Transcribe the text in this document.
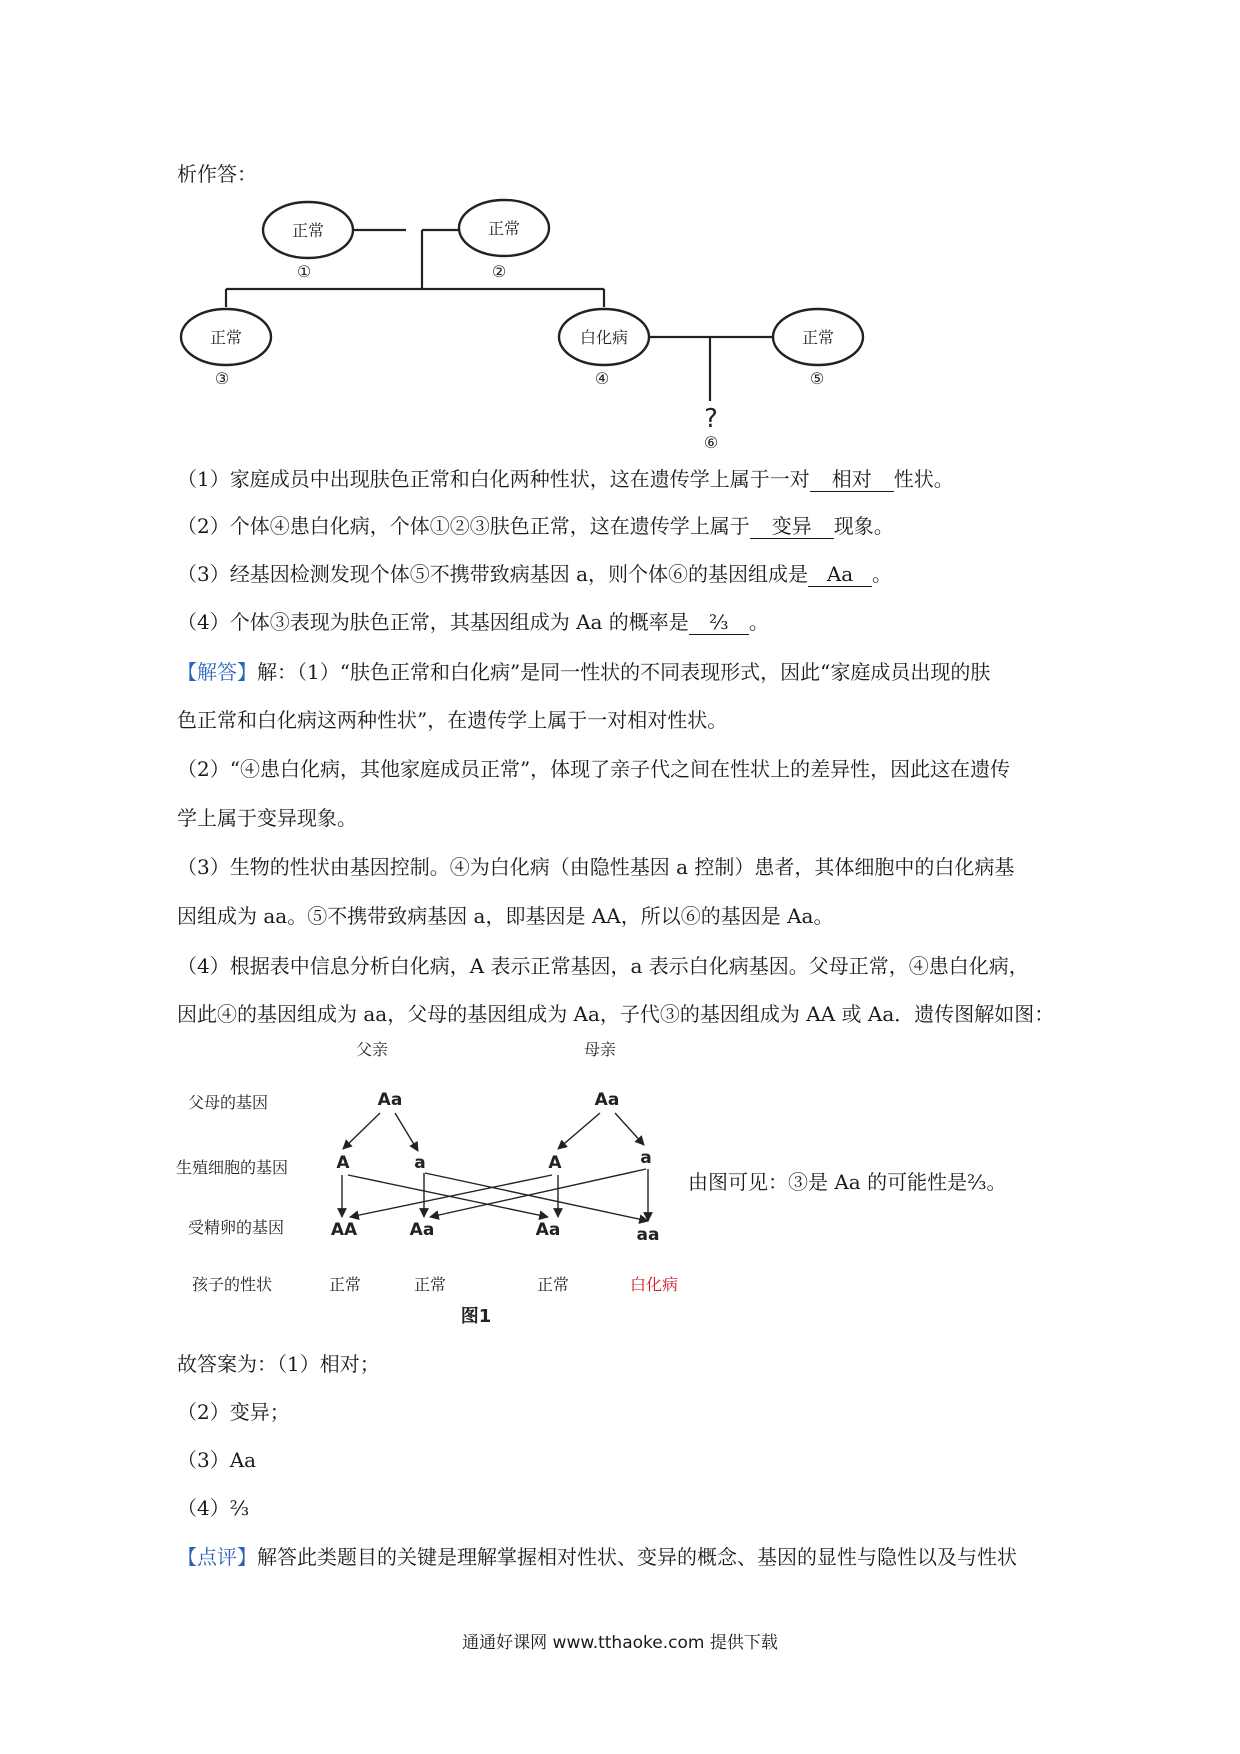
析作答：
正常	正常
正常	白化病	正常
①	②
③	④	⑤
?
⑥
（1）家庭成员中出现肤色正常和白化两种性状，这在遗传学上属于一对 相对 性状。
（2）个体④患白化病，个体①②③肤色正常，这在遗传学上属于 变异 现象。
（3）经基因检测发现个体⑤不携带致病基因 a，则个体⑥的基因组成是 Aa 。
（4）个体③表现为肤色正常，其基因组成为 Aa 的概率是 ⅔ 。
【解答】解：（1）“肤色正常和白化病”是同一性状的不同表现形式，因此“家庭成员出现的肤
色正常和白化病这两种性状”，在遗传学上属于一对相对性状。
（2）“④患白化病，其他家庭成员正常”，体现了亲子代之间在性状上的差异性，因此这在遗传
学上属于变异现象。
（3）生物的性状由基因控制。④为白化病（由隐性基因 a 控制）患者，其体细胞中的白化病基
因组成为 aa。⑤不携带致病基因 a，即基因是 AA，所以⑥的基因是 Aa。
（4）根据表中信息分析白化病，A 表示正常基因，a 表示白化病基因。父母正常，④患白化病，
因此④的基因组成为 aa，父母的基因组成为 Aa，子代③的基因组成为 AA 或 Aa．遗传图解如图：
父亲	母亲
父母的基因
生殖细胞的基因
受精卵的基因
孩子的性状
Aa	Aa
A	a	A	a
AA	Aa	Aa	aa
正常	正常	正常	白化病
图1
由图可见：③是 Aa 的可能性是⅔。
故答案为：（1）相对；
（2）变异；
（3）Aa
（4）⅔
【点评】解答此类题目的关键是理解掌握相对性状、变异的概念、基因的显性与隐性以及与性状
通通好课网 www.tthaoke.com 提供下载
